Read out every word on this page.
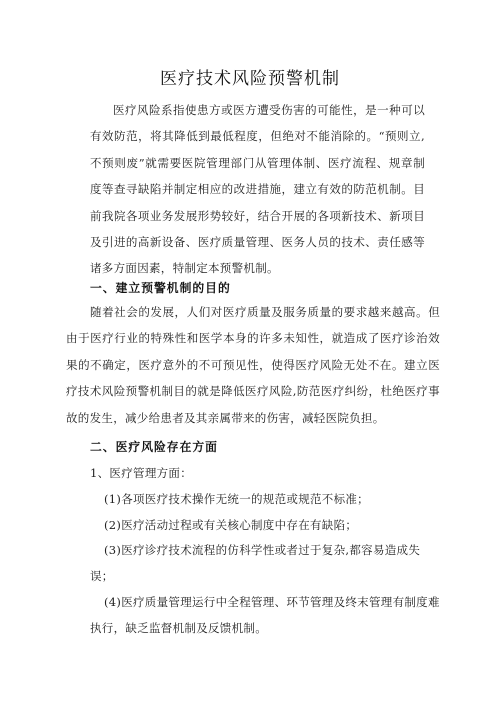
医疗技术风险预警机制
医疗风险系指使患方或医方遭受伤害的可能性，是一种可以有效防范，将其降低到最低程度，但绝对不能消除的。“预则立,不预则废”就需要医院管理部门从管理体制、医疗流程、规章制度等查寻缺陷并制定相应的改进措施，建立有效的防范机制。目前我院各项业务发展形势较好，结合开展的各项新技术、新项目及引进的高新设备、医疗质量管理、医务人员的技术、责任感等诸多方面因素，特制定本预警机制。
一、建立预警机制的目的
随着社会的发展，人们对医疗质量及服务质量的要求越来越高。但由于医疗行业的特殊性和医学本身的许多未知性，就造成了医疗诊治效果的不确定，医疗意外的不可预见性，使得医疗风险无处不在。建立医疗技术风险预警机制目的就是降低医疗风险,防范医疗纠纷，杜绝医疗事故的发生，减少给患者及其亲属带来的伤害，减轻医院负担。
二、医疗风险存在方面
1、医疗管理方面：
(1)各项医疗技术操作无统一的规范或规范不标准；
(2)医疗活动过程或有关核心制度中存在有缺陷；
(3)医疗诊疗技术流程的仿科学性或者过于复杂,都容易造成失误；
(4)医疗质量管理运行中全程管理、环节管理及终末管理有制度难执行，缺乏监督机制及反馈机制。
